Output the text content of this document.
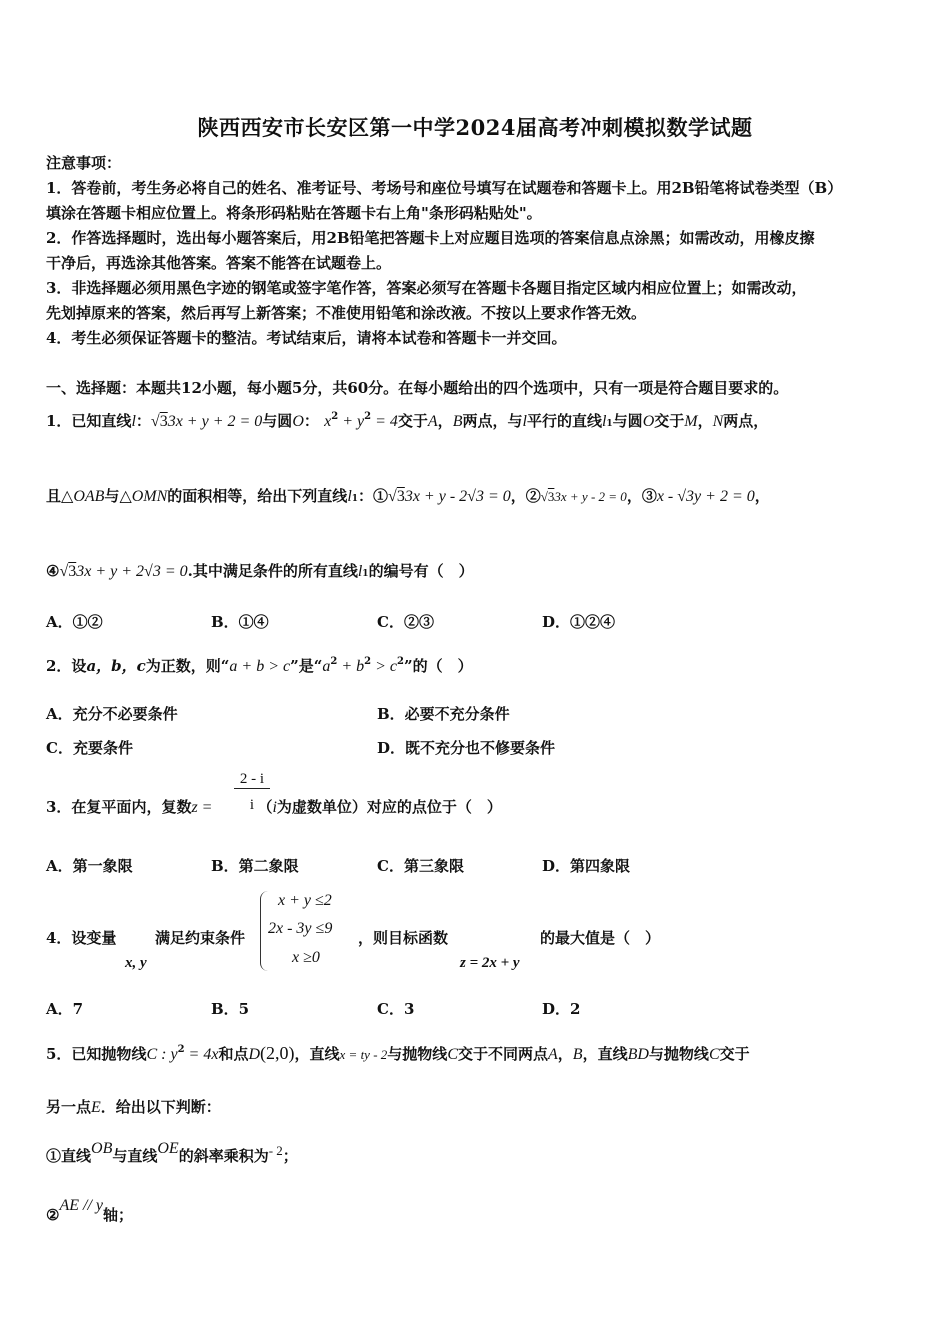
陕西西安市长安区第一中学2024届高考冲刺模拟数学试题
注意事项：
1．答卷前，考生务必将自己的姓名、准考证号、考场号和座位号填写在试题卷和答题卡上。用2B铅笔将试卷类型（B）
填涂在答题卡相应位置上。将条形码粘贴在答题卡右上角"条形码粘贴处"。
2．作答选择题时，选出每小题答案后，用2B铅笔把答题卡上对应题目选项的答案信息点涂黑；如需改动，用橡皮擦
干净后，再选涂其他答案。答案不能答在试题卷上。
3．非选择题必须用黑色字迹的钢笔或签字笔作答，答案必须写在答题卡各题目指定区域内相应位置上；如需改动，
先划掉原来的答案，然后再写上新答案；不准使用铅笔和涂改液。不按以上要求作答无效。
4．考生必须保证答题卡的整洁。考试结束后，请将本试卷和答题卡一并交回。
一、选择题：本题共12小题，每小题5分，共60分。在每小题给出的四个选项中，只有一项是符合题目要求的。
1．已知直线l：√33x + y + 2 = 0与圆O： $x^2 + y^2 = 4$交于A，B两点，与l平行的直线l1与圆O交于M，N两点，
且△OAB与△OMN的面积相等，给出下列直线l1：①√33x + y - 2√3 = 0，②√33x + y - 2 = 0，③x - √3y + 2 = 0，
④√33x + y + 2√3 = 0.其中满足条件的所有直线l1的编号有（　）
A．①②	B．①④	C．②③	D．①②④
2．设a，b，c为正数，则“a + b > c”是“$a^2 + b^2 > c^2$”的（　）
A．充分不必要条件	B．必要不充分条件
C．充要条件	D．既不充分也不修要条件
3．在复平面内，复数z =	（i为虚数单位）对应的点位于（　）
2 - i
i
A．第一象限	B．第二象限	C．第三象限	D．第四象限
4．设变量	满足约束条件
x, y
x + y ≤2
2x - 3y ≤9
x ≥0
，则目标函数
z = 2x + y
的最大值是（　）
A．7	B．5	C．3	D．2
5．已知抛物线C : $y^2 = 4x$和点D(2,0)，直线x = ty - 2与抛物线C交于不同两点A，B，直线BD与抛物线C交于
另一点E．给出以下判断：
①直线OB与直线OE的斜率乘积为- 2；
②AE // y轴；
